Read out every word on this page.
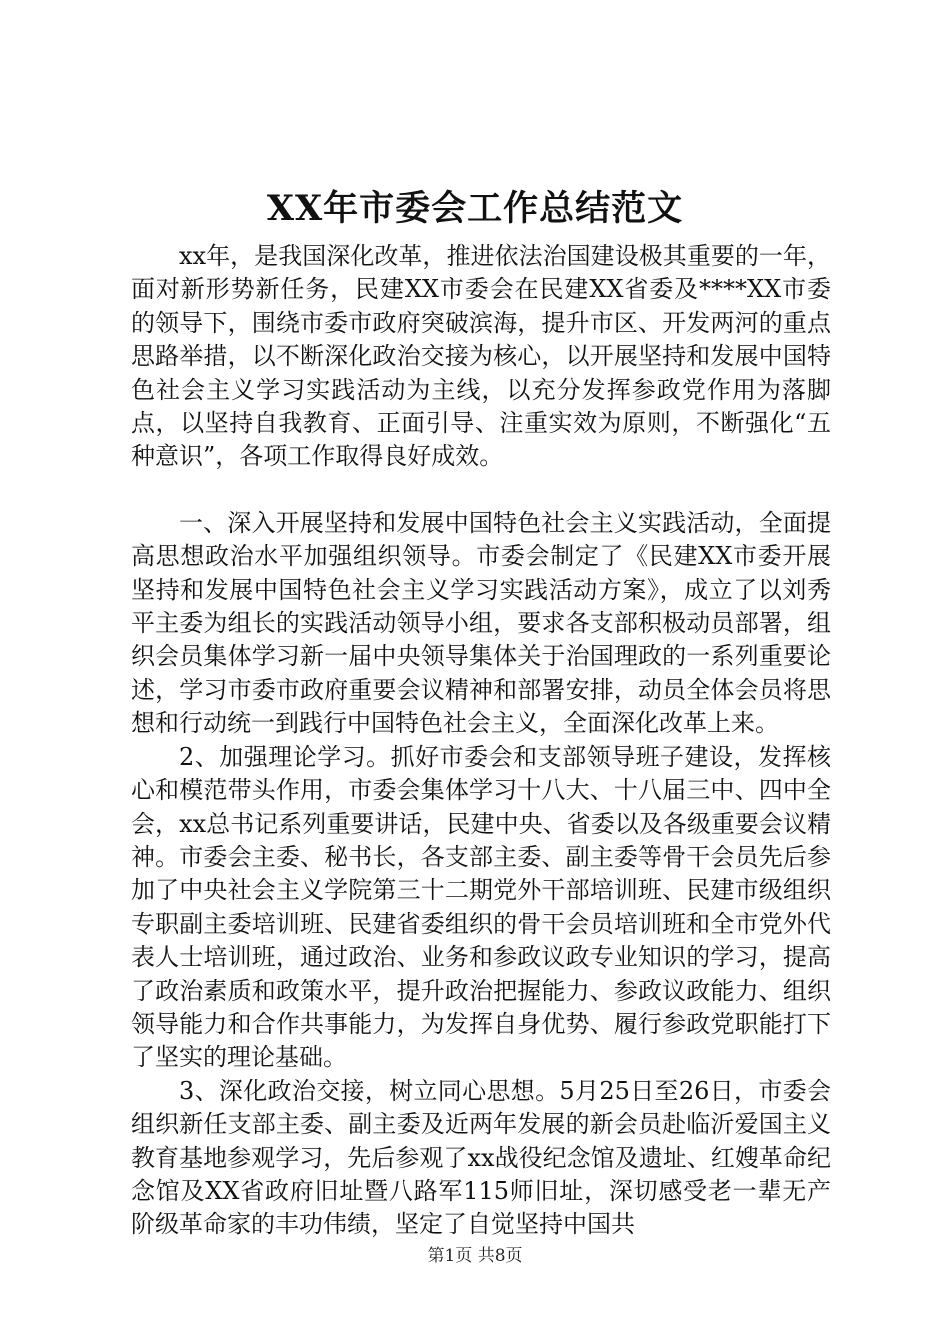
XX年市委会工作总结范文

xx年，是我国深化改革，推进依法治国建设极其重要的一年，面对新形势新任务，民建XX市委会在民建XX省委及****XX市委的领导下，围绕市委市政府突破滨海，提升市区、开发两河的重点思路举措，以不断深化政治交接为核心，以开展坚持和发展中国特色社会主义学习实践活动为主线，以充分发挥参政党作用为落脚点，以坚持自我教育、正面引导、注重实效为原则，不断强化“五种意识”，各项工作取得良好成效。

一、深入开展坚持和发展中国特色社会主义实践活动，全面提高思想政治水平加强组织领导。市委会制定了《民建XX市委开展坚持和发展中国特色社会主义学习实践活动方案》，成立了以刘秀平主委为组长的实践活动领导小组，要求各支部积极动员部署，组织会员集体学习新一届中央领导集体关于治国理政的一系列重要论述，学习市委市政府重要会议精神和部署安排，动员全体会员将思想和行动统一到践行中国特色社会主义，全面深化改革上来。

2、加强理论学习。抓好市委会和支部领导班子建设，发挥核心和模范带头作用，市委会集体学习十八大、十八届三中、四中全会，xx总书记系列重要讲话，民建中央、省委以及各级重要会议精神。市委会主委、秘书长，各支部主委、副主委等骨干会员先后参加了中央社会主义学院第三十二期党外干部培训班、民建市级组织专职副主委培训班、民建省委组织的骨干会员培训班和全市党外代表人士培训班，通过政治、业务和参政议政专业知识的学习，提高了政治素质和政策水平，提升政治把握能力、参政议政能力、组织领导能力和合作共事能力，为发挥自身优势、履行参政党职能打下了坚实的理论基础。

3、深化政治交接，树立同心思想。5月25日至26日，市委会组织新任支部主委、副主委及近两年发展的新会员赴临沂爱国主义教育基地参观学习，先后参观了xx战役纪念馆及遗址、红嫂革命纪念馆及XX省政府旧址暨八路军115师旧址，深切感受老一辈无产阶级革命家的丰功伟绩，坚定了自觉坚持中国共

第1页 共8页
